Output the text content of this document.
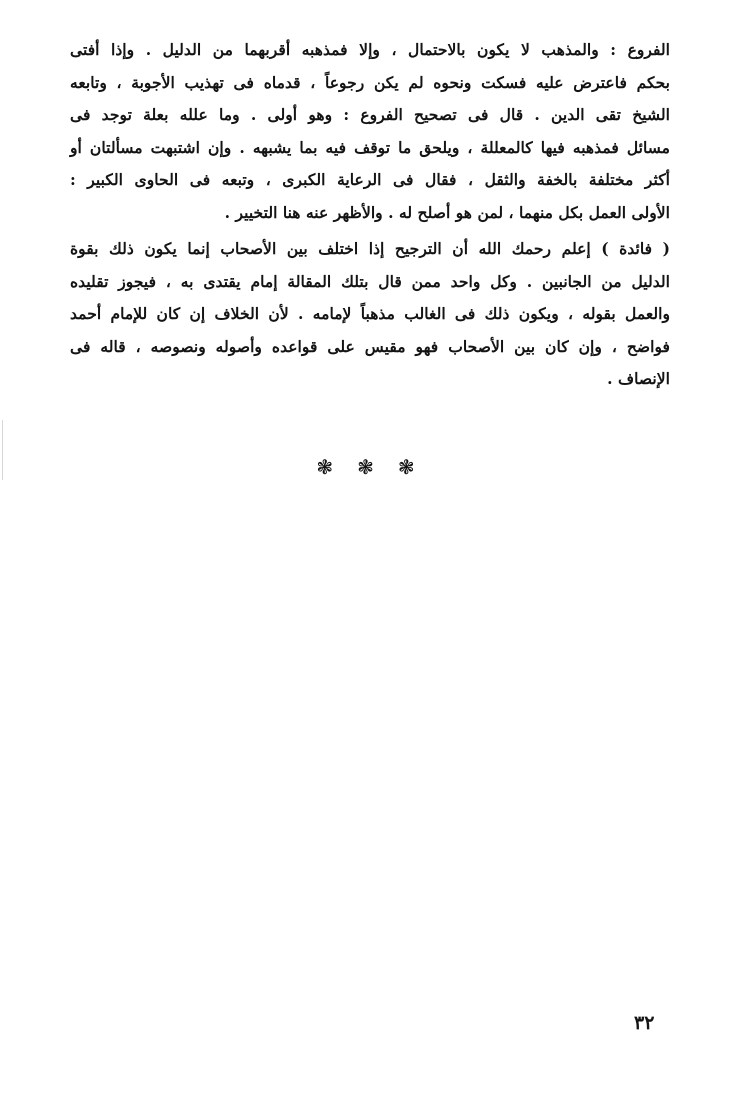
الفروع : والمذهب لا يكون بالاحتمال ، وإلا فمذهبه أقربهما من الدليل . وإذا أفتى
بحكم فاعترض عليه فسكت ونحوه لم يكن رجوعاً ، قدماه فى تهذيب الأجوبة ، وتابعه
الشيخ تقى الدين . قال فى تصحيح الفروع : وهو أولى . وما علله بعلة توجد فى
مسائل فمذهبه فيها كالمعللة ، ويلحق ما توقف فيه بما يشبهه . وإن اشتبهت مسألتان أو
أكثر مختلفة بالخفة والثقل ، فقال فى الرعاية الكبرى ، وتبعه فى الحاوى الكبير :
الأولى العمل بكل منهما ، لمن هو أصلح له . والأظهر عنه هنا التخيير .
( فائدة ) إعلم رحمك الله أن الترجيح إذا اختلف بين الأصحاب إنما يكون ذلك بقوة
الدليل من الجانبين . وكل واحد ممن قال بتلك المقالة إمام يقتدى به ، فيجوز تقليده
والعمل بقوله ، ويكون ذلك فى الغالب مذهباً لإمامه . لأن الخلاف إن كان للإمام أحمد
فواضح ، وإن كان بين الأصحاب فهو مقيس على قواعده وأصوله ونصوصه ، قاله فى
الإنصاف .
❃❃❃
٣٢
